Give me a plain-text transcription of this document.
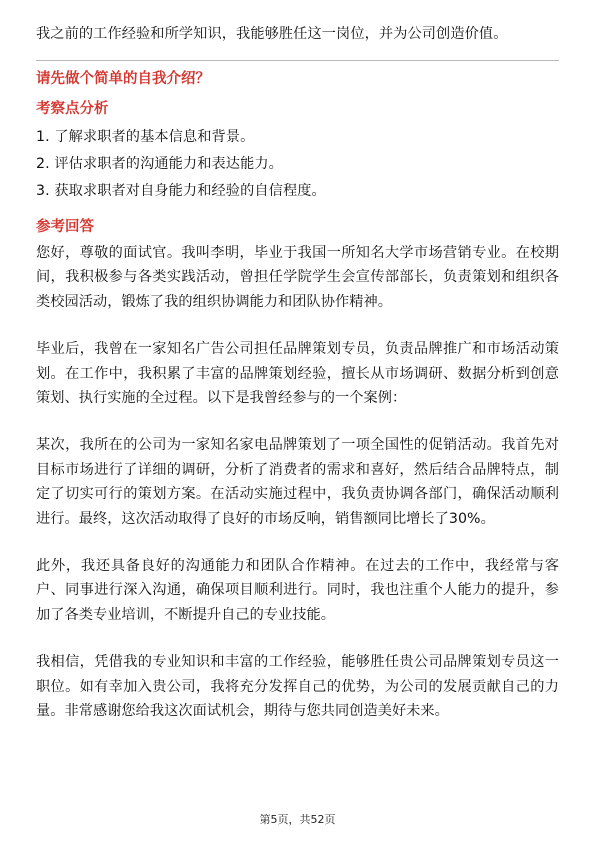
我之前的工作经验和所学知识，我能够胜任这一岗位，并为公司创造价值。

请先做个简单的自我介绍？
考察点分析

1. 了解求职者的基本信息和背景。

2. 评估求职者的沟通能力和表达能力。

3. 获取求职者对自身能力和经验的自信程度。

参考回答

您好，尊敬的面试官。我叫李明，毕业于我国一所知名大学市场营销专业。在校期间，我积极参与各类实践活动，曾担任学院学生会宣传部部长，负责策划和组织各类校园活动，锻炼了我的组织协调能力和团队协作精神。

毕业后，我曾在一家知名广告公司担任品牌策划专员，负责品牌推广和市场活动策划。在工作中，我积累了丰富的品牌策划经验，擅长从市场调研、数据分析到创意策划、执行实施的全过程。以下是我曾经参与的一个案例：

某次，我所在的公司为一家知名家电品牌策划了一项全国性的促销活动。我首先对目标市场进行了详细的调研，分析了消费者的需求和喜好，然后结合品牌特点，制定了切实可行的策划方案。在活动实施过程中，我负责协调各部门，确保活动顺利进行。最终，这次活动取得了良好的市场反响，销售额同比增长了30%。

此外，我还具备良好的沟通能力和团队合作精神。在过去的工作中，我经常与客户、同事进行深入沟通，确保项目顺利进行。同时，我也注重个人能力的提升，参加了各类专业培训，不断提升自己的专业技能。

我相信，凭借我的专业知识和丰富的工作经验，能够胜任贵公司品牌策划专员这一职位。如有幸加入贵公司，我将充分发挥自己的优势，为公司的发展贡献自己的力量。非常感谢您给我这次面试机会，期待与您共同创造美好未来。

第5页，共52页
